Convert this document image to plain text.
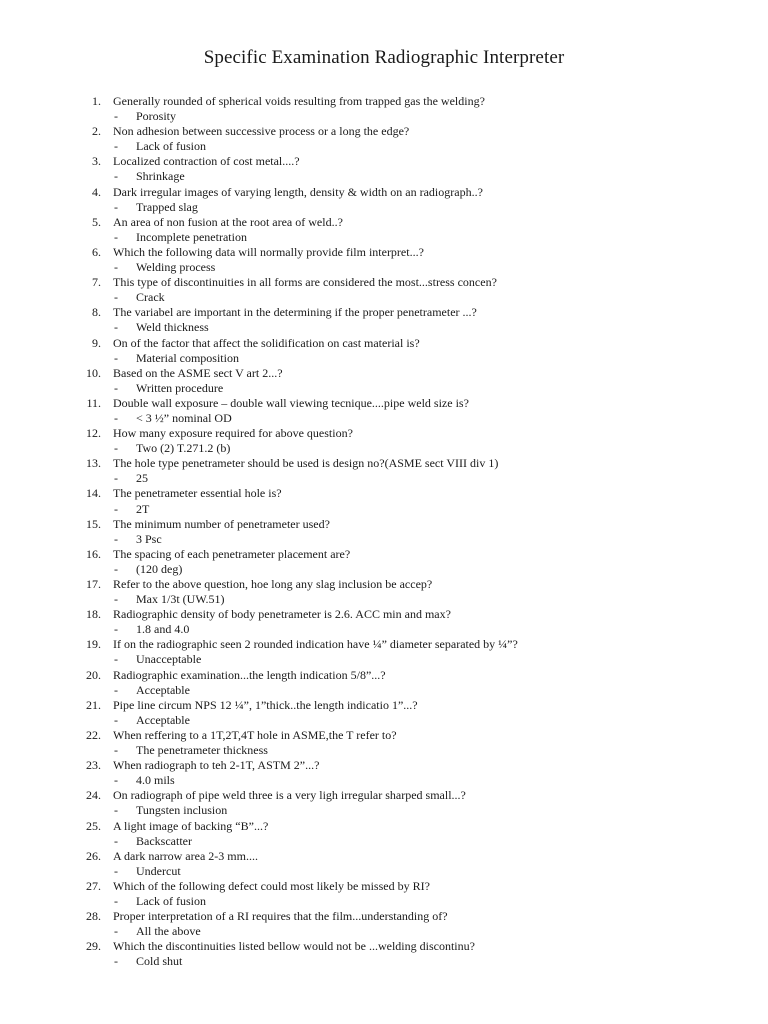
Specific Examination Radiographic Interpreter
1. Generally rounded of spherical voids resulting from trapped gas the welding?
- Porosity
2. Non adhesion between successive process or a long the edge?
- Lack of fusion
3. Localized contraction of cost metal....?
- Shrinkage
4. Dark irregular images of varying length, density & width on an radiograph..?
- Trapped slag
5. An area of non fusion at the root area of weld..?
- Incomplete penetration
6. Which the following data will normally provide film interpret...?
- Welding process
7. This type of discontinuities in all forms are considered the most...stress concen?
- Crack
8. The variabel are important in the determining if the proper penetrameter ...?
- Weld thickness
9. On of the factor that affect the solidification on cast material is?
- Material composition
10. Based on the ASME sect V art 2...?
- Written procedure
11. Double wall exposure – double wall viewing tecnique....pipe weld size is?
- < 3 ½” nominal OD
12. How many exposure required for above question?
- Two (2) T.271.2 (b)
13. The hole type penetrameter should be used is design no?(ASME sect VIII div 1)
- 25
14. The penetrameter essential hole is?
- 2T
15. The minimum number of penetrameter used?
- 3 Psc
16. The spacing of each penetrameter placement are?
- (120 deg)
17. Refer to the above question, hoe long any slag inclusion be accep?
- Max 1/3t (UW.51)
18. Radiographic density of body penetrameter is 2.6. ACC min and max?
- 1.8 and 4.0
19. If on the radiographic seen 2 rounded indication have ¼” diameter separated by ¼”?
- Unacceptable
20. Radiographic examination...the length indication 5/8”...?
- Acceptable
21. Pipe line circum NPS 12 ¼”, 1”thick..the length indicatio 1”...?
- Acceptable
22. When reffering to a 1T,2T,4T hole in ASME,the T refer to?
- The penetrameter thickness
23. When radiograph to teh 2-1T, ASTM 2”...?
- 4.0 mils
24. On radiograph of pipe weld three is a very ligh irregular sharped small...?
- Tungsten inclusion
25. A light image of backing “B”...?
- Backscatter
26. A dark narrow area 2-3 mm....
- Undercut
27. Which of the following defect could most likely be missed by RI?
- Lack of fusion
28. Proper interpretation of a RI requires that the film...understanding of?
- All the above
29. Which the discontinuities listed bellow would not be ...welding discontinu?
- Cold shut
